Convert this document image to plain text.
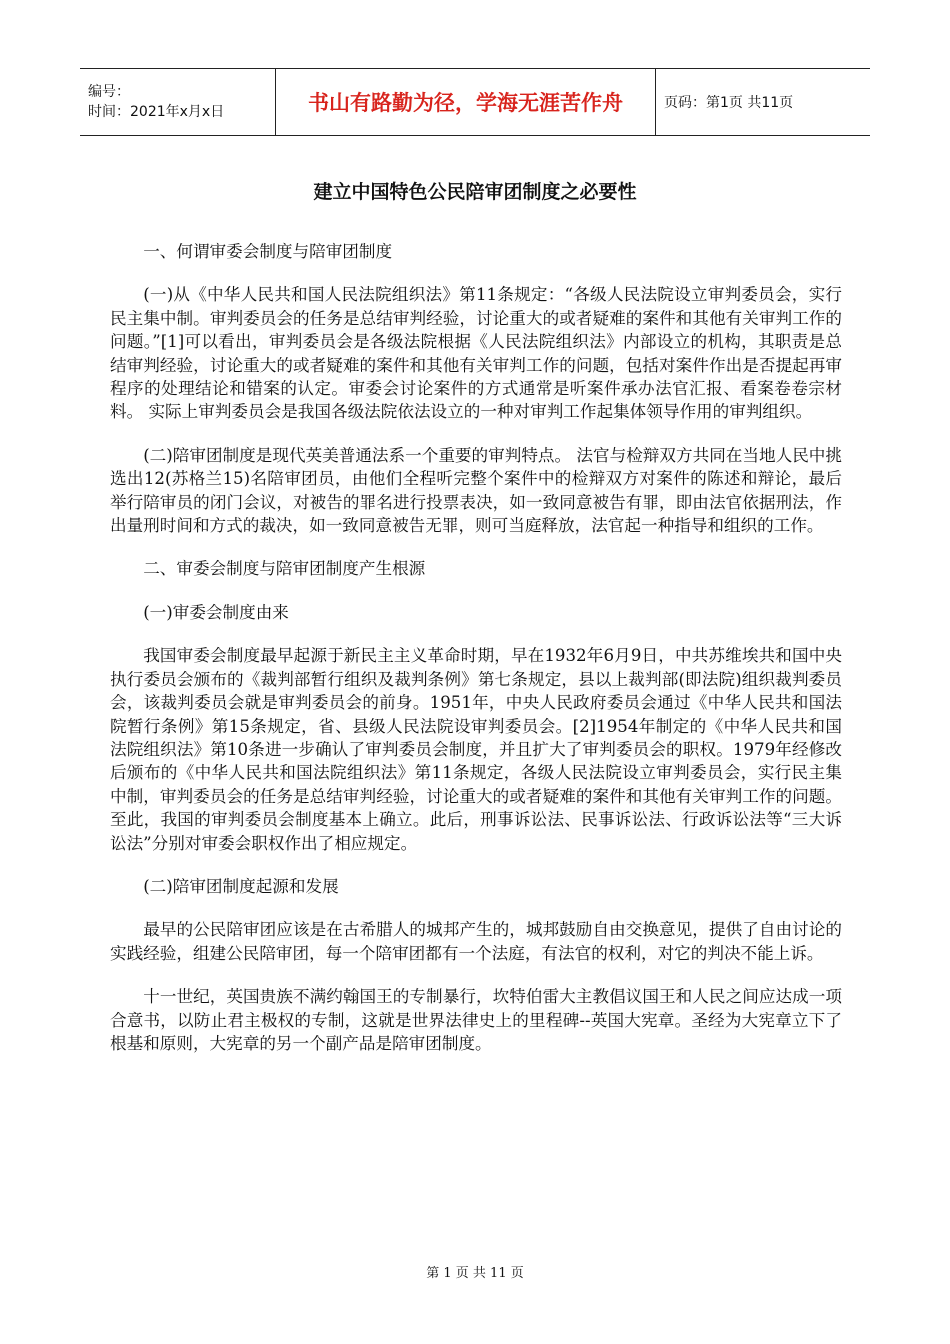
编号：
时间：2021年x月x日	书山有路勤为径，学海无涯苦作舟	页码：第1页 共11页
建立中国特色公民陪审团制度之必要性

一、何谓审委会制度与陪审团制度

(一)从《中华人民共和国人民法院组织法》第11条规定：“各级人民法院设立审判委员会，实行民主集中制。审判委员会的任务是总结审判经验，讨论重大的或者疑难的案件和其他有关审判工作的问题。”[1]可以看出，审判委员会是各级法院根据《人民法院组织法》内部设立的机构，其职责是总结审判经验，讨论重大的或者疑难的案件和其他有关审判工作的问题，包括对案件作出是否提起再审程序的处理结论和错案的认定。审委会讨论案件的方式通常是听案件承办法官汇报、看案卷卷宗材料。 实际上审判委员会是我国各级法院依法设立的一种对审判工作起集体领导作用的审判组织。

(二)陪审团制度是现代英美普通法系一个重要的审判特点。 法官与检辩双方共同在当地人民中挑选出12(苏格兰15)名陪审团员，由他们全程听完整个案件中的检辩双方对案件的陈述和辩论，最后举行陪审员的闭门会议，对被告的罪名进行投票表决，如一致同意被告有罪，即由法官依据刑法，作出量刑时间和方式的裁决，如一致同意被告无罪，则可当庭释放，法官起一种指导和组织的工作。

二、审委会制度与陪审团制度产生根源

(一)审委会制度由来

我国审委会制度最早起源于新民主主义革命时期，早在1932年6月9日，中共苏维埃共和国中央执行委员会颁布的《裁判部暂行组织及裁判条例》第七条规定，县以上裁判部(即法院)组织裁判委员会，该裁判委员会就是审判委员会的前身。1951年，中央人民政府委员会通过《中华人民共和国法院暂行条例》第15条规定，省、县级人民法院设审判委员会。[2]1954年制定的《中华人民共和国法院组织法》第10条进一步确认了审判委员会制度，并且扩大了审判委员会的职权。1979年经修改后颁布的《中华人民共和国法院组织法》第11条规定，各级人民法院设立审判委员会，实行民主集中制，审判委员会的任务是总结审判经验，讨论重大的或者疑难的案件和其他有关审判工作的问题。至此，我国的审判委员会制度基本上确立。此后，刑事诉讼法、民事诉讼法、行政诉讼法等“三大诉讼法”分别对审委会职权作出了相应规定。

(二)陪审团制度起源和发展

最早的公民陪审团应该是在古希腊人的城邦产生的，城邦鼓励自由交换意见，提供了自由讨论的实践经验，组建公民陪审团，每一个陪审团都有一个法庭，有法官的权利，对它的判决不能上诉。

十一世纪，英国贵族不满约翰国王的专制暴行，坎特伯雷大主教倡议国王和人民之间应达成一项合意书，以防止君主极权的专制，这就是世界法律史上的里程碑--英国大宪章。圣经为大宪章立下了根基和原则，大宪章的另一个副产品是陪审团制度。

第 1 页 共 11 页
